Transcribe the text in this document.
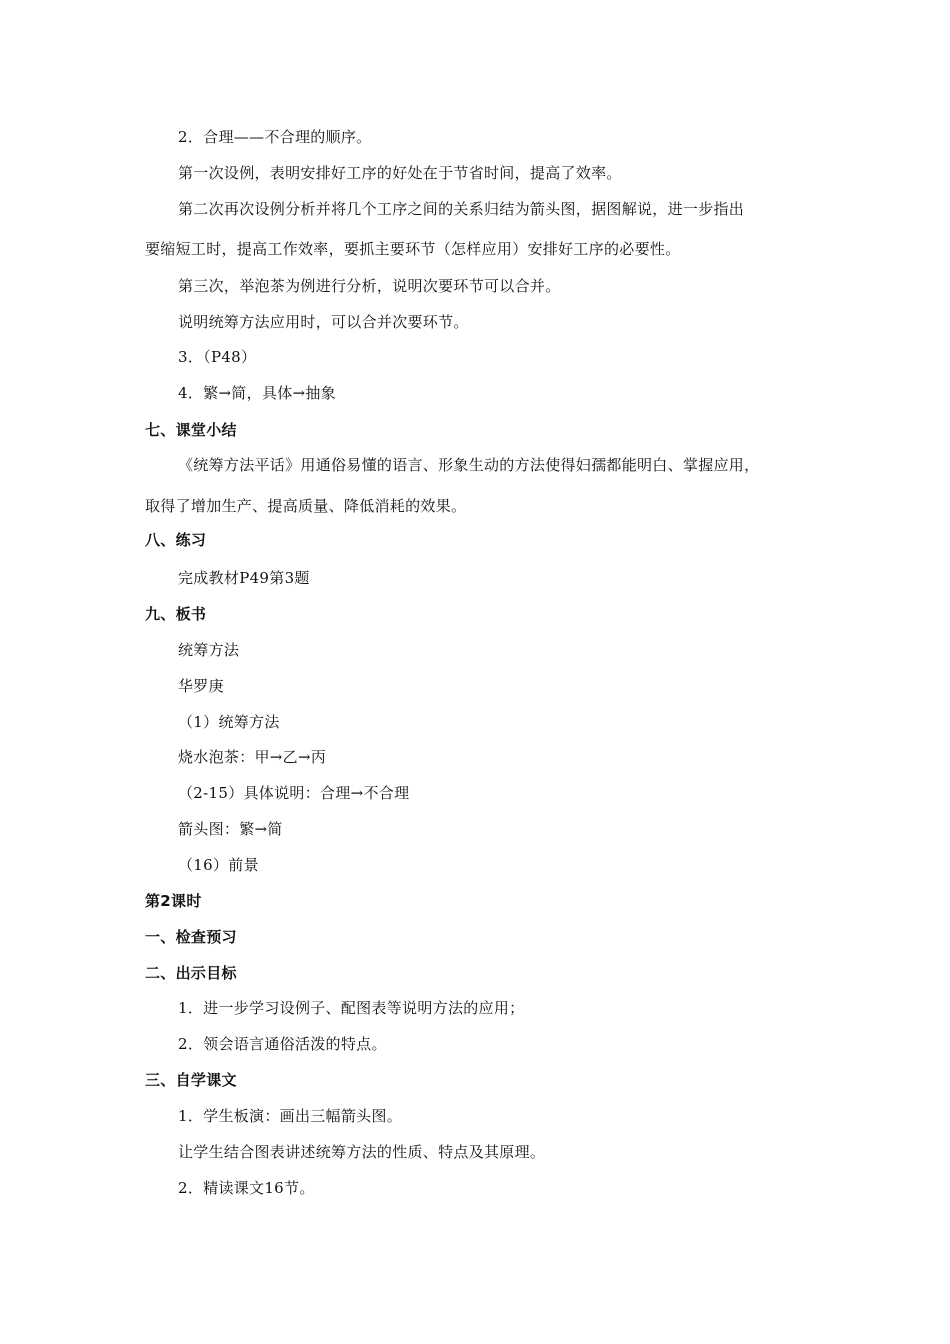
2．合理——不合理的顺序。
第一次设例，表明安排好工序的好处在于节省时间，提高了效率。
第二次再次设例分析并将几个工序之间的关系归结为箭头图，据图解说，进一步指出
要缩短工时，提高工作效率，要抓主要环节（怎样应用）安排好工序的必要性。
第三次，举泡茶为例进行分析，说明次要环节可以合并。
说明统筹方法应用时，可以合并次要环节。
3．（P48）
4．繁→简，具体→抽象
七、课堂小结
《统筹方法平话》用通俗易懂的语言、形象生动的方法使得妇孺都能明白、掌握应用，
取得了增加生产、提高质量、降低消耗的效果。
八、练习
完成教材P49第3题
九、板书
统筹方法
华罗庚
（1）统筹方法
烧水泡茶：甲→乙→丙
（2-15）具体说明：合理→不合理
箭头图：繁→简
（16）前景
第2课时
一、检查预习
二、出示目标
1．进一步学习设例子、配图表等说明方法的应用；
2．领会语言通俗活泼的特点。
三、自学课文
1．学生板演：画出三幅箭头图。
让学生结合图表讲述统筹方法的性质、特点及其原理。
2．精读课文16节。
